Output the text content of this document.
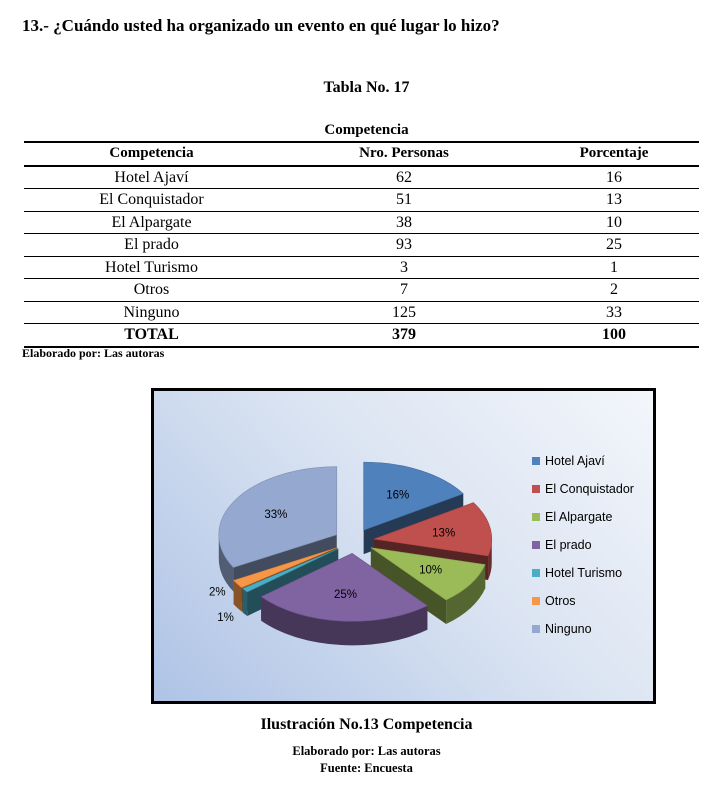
13.- ¿Cuándo usted ha organizado un evento en qué lugar lo hizo?
Tabla No. 17
Competencia
Competencia	Nro. Personas	Porcentaje
Hotel Ajaví	62	16
El Conquistador	51	13
El Alpargate	38	10
El prado	93	25
Hotel Turismo	3	1
Otros	7	2
Ninguno	125	33
TOTAL	379	100
Elaborado por: Las autoras
16%
13%
10%
25%
1%
2%
33%
Hotel Ajaví
El Conquistador
El Alpargate
El prado
Hotel Turismo
Otros
Ninguno
Ilustración No.13 Competencia
Elaborado por: Las autoras
Fuente: Encuesta
